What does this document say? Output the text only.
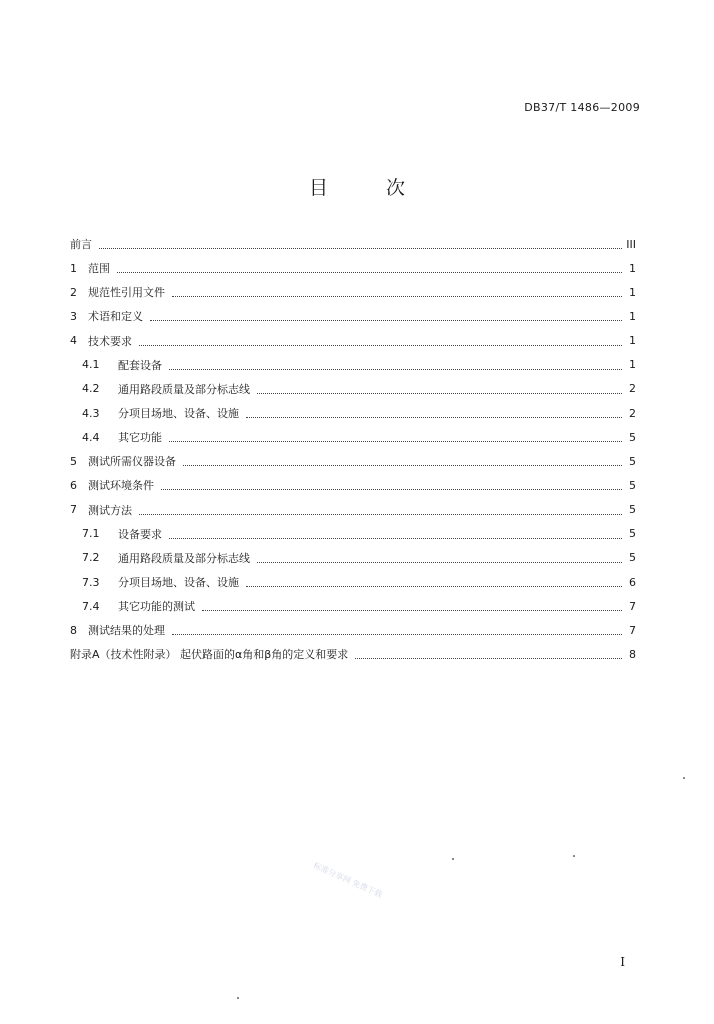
DB37/T 1486—2009
目 次
前言	III
1	范围	1
2	规范性引用文件	1
3	术语和定义	1
4	技术要求	1
4.1	配套设备	1
4.2	通用路段质量及部分标志线	2
4.3	分项目场地、设备、设施	2
4.4	其它功能	5
5	测试所需仪器设备	5
6	测试环境条件	5
7	测试方法	5
7.1	设备要求	5
7.2	通用路段质量及部分标志线	5
7.3	分项目场地、设备、设施	6
7.4	其它功能的测试	7
8	测试结果的处理	7
附录A（技术性附录） 起伏路面的α角和β角的定义和要求	8
标准分享网 免费下载
I
